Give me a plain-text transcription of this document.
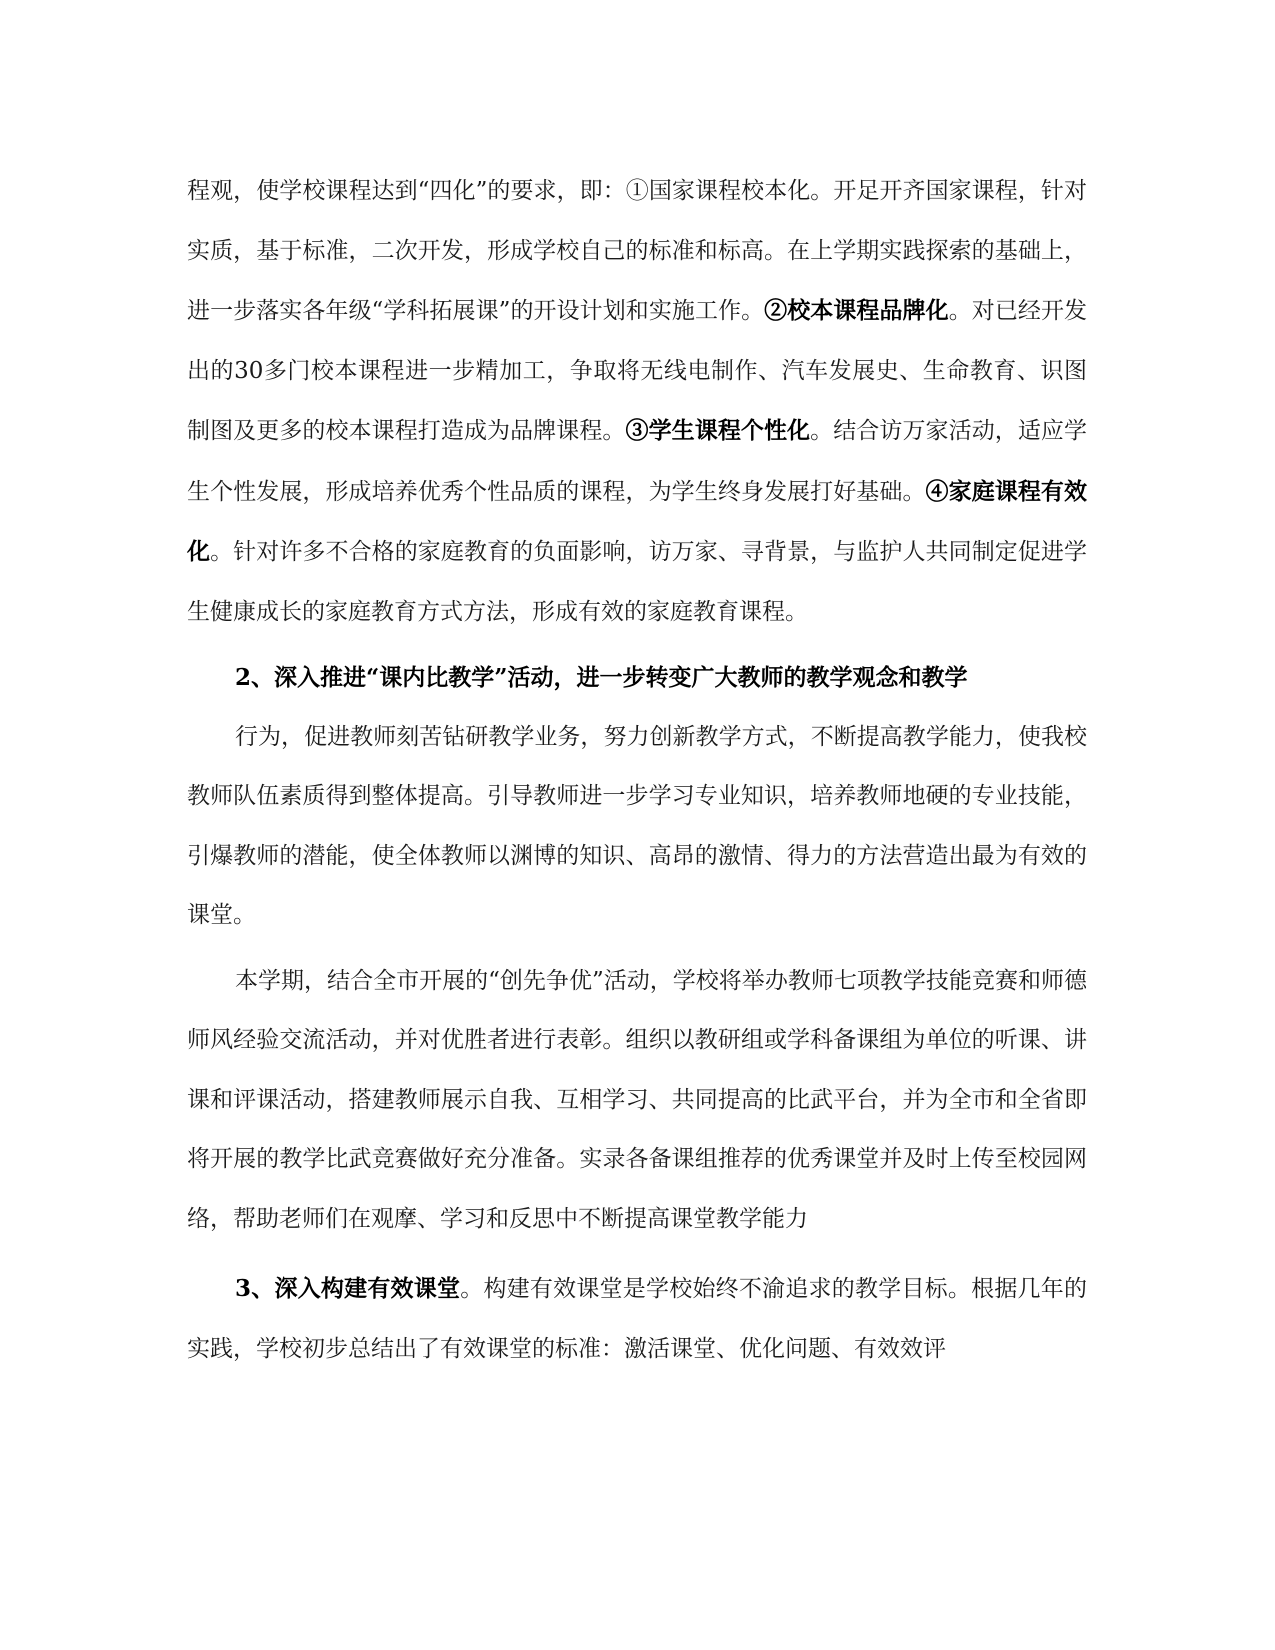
程观，使学校课程达到“四化”的要求，即：①国家课程校本化。开足开齐国家课程，针对实质，基于标准，二次开发，形成学校自己的标准和标高。在上学期实践探索的基础上，进一步落实各年级“学科拓展课”的开设计划和实施工作。②校本课程品牌化。对已经开发出的30多门校本课程进一步精加工，争取将无线电制作、汽车发展史、生命教育、识图制图及更多的校本课程打造成为品牌课程。③学生课程个性化。结合访万家活动，适应学生个性发展，形成培养优秀个性品质的课程，为学生终身发展打好基础。④家庭课程有效化。针对许多不合格的家庭教育的负面影响，访万家、寻背景，与监护人共同制定促进学生健康成长的家庭教育方式方法，形成有效的家庭教育课程。

2、深入推进“课内比教学”活动，进一步转变广大教师的教学观念和教学

行为，促进教师刻苦钻研教学业务，努力创新教学方式，不断提高教学能力，使我校教师队伍素质得到整体提高。引导教师进一步学习专业知识，培养教师地硬的专业技能，引爆教师的潜能，使全体教师以渊博的知识、高昂的激情、得力的方法营造出最为有效的课堂。

本学期，结合全市开展的“创先争优”活动，学校将举办教师七项教学技能竞赛和师德师风经验交流活动，并对优胜者进行表彰。组织以教研组或学科备课组为单位的听课、讲课和评课活动，搭建教师展示自我、互相学习、共同提高的比武平台，并为全市和全省即将开展的教学比武竞赛做好充分准备。实录各备课组推荐的优秀课堂并及时上传至校园网络，帮助老师们在观摩、学习和反思中不断提高课堂教学能力

3、深入构建有效课堂。构建有效课堂是学校始终不渝追求的教学目标。根据几年的实践，学校初步总结出了有效课堂的标准：激活课堂、优化问题、有效效评
